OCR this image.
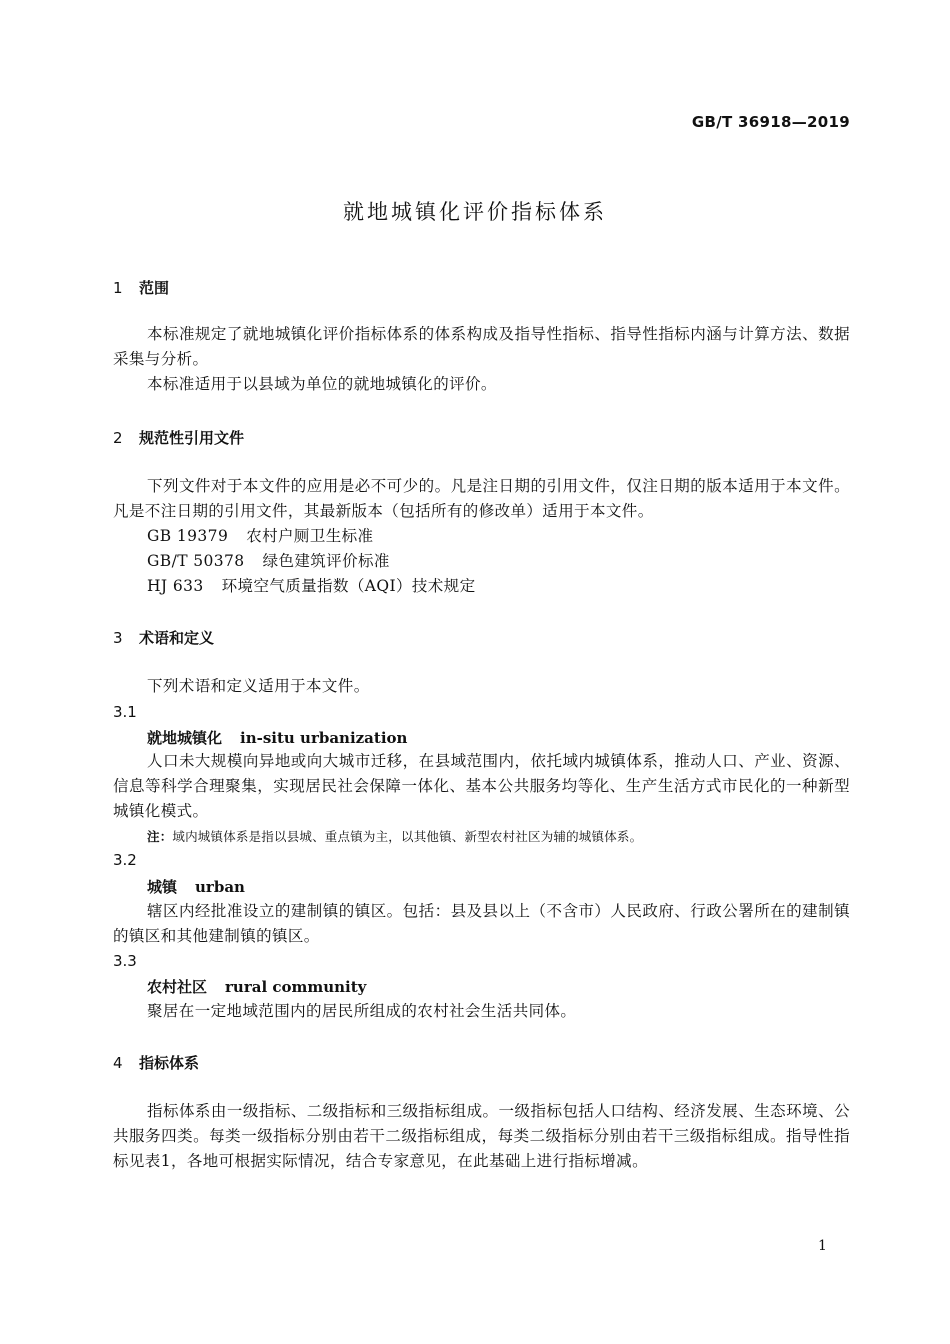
GB/T 36918—2019
就地城镇化评价指标体系
1 范围
本标准规定了就地城镇化评价指标体系的体系构成及指导性指标、指导性指标内涵与计算方法、数据采集与分析。
本标准适用于以县域为单位的就地城镇化的评价。
2 规范性引用文件
下列文件对于本文件的应用是必不可少的。凡是注日期的引用文件，仅注日期的版本适用于本文件。凡是不注日期的引用文件，其最新版本（包括所有的修改单）适用于本文件。
GB 19379 农村户厕卫生标准
GB/T 50378 绿色建筑评价标准
HJ 633 环境空气质量指数（AQI）技术规定
3 术语和定义
下列术语和定义适用于本文件。
3.1
就地城镇化 in-situ urbanization
人口未大规模向异地或向大城市迁移，在县域范围内，依托域内城镇体系，推动人口、产业、资源、信息等科学合理聚集，实现居民社会保障一体化、基本公共服务均等化、生产生活方式市民化的一种新型城镇化模式。
注：域内城镇体系是指以县城、重点镇为主，以其他镇、新型农村社区为辅的城镇体系。
3.2
城镇 urban
辖区内经批准设立的建制镇的镇区。包括：县及县以上（不含市）人民政府、行政公署所在的建制镇的镇区和其他建制镇的镇区。
3.3
农村社区 rural community
聚居在一定地域范围内的居民所组成的农村社会生活共同体。
4 指标体系
指标体系由一级指标、二级指标和三级指标组成。一级指标包括人口结构、经济发展、生态环境、公共服务四类。每类一级指标分别由若干二级指标组成，每类二级指标分别由若干三级指标组成。指导性指标见表1，各地可根据实际情况，结合专家意见，在此基础上进行指标增减。
1
